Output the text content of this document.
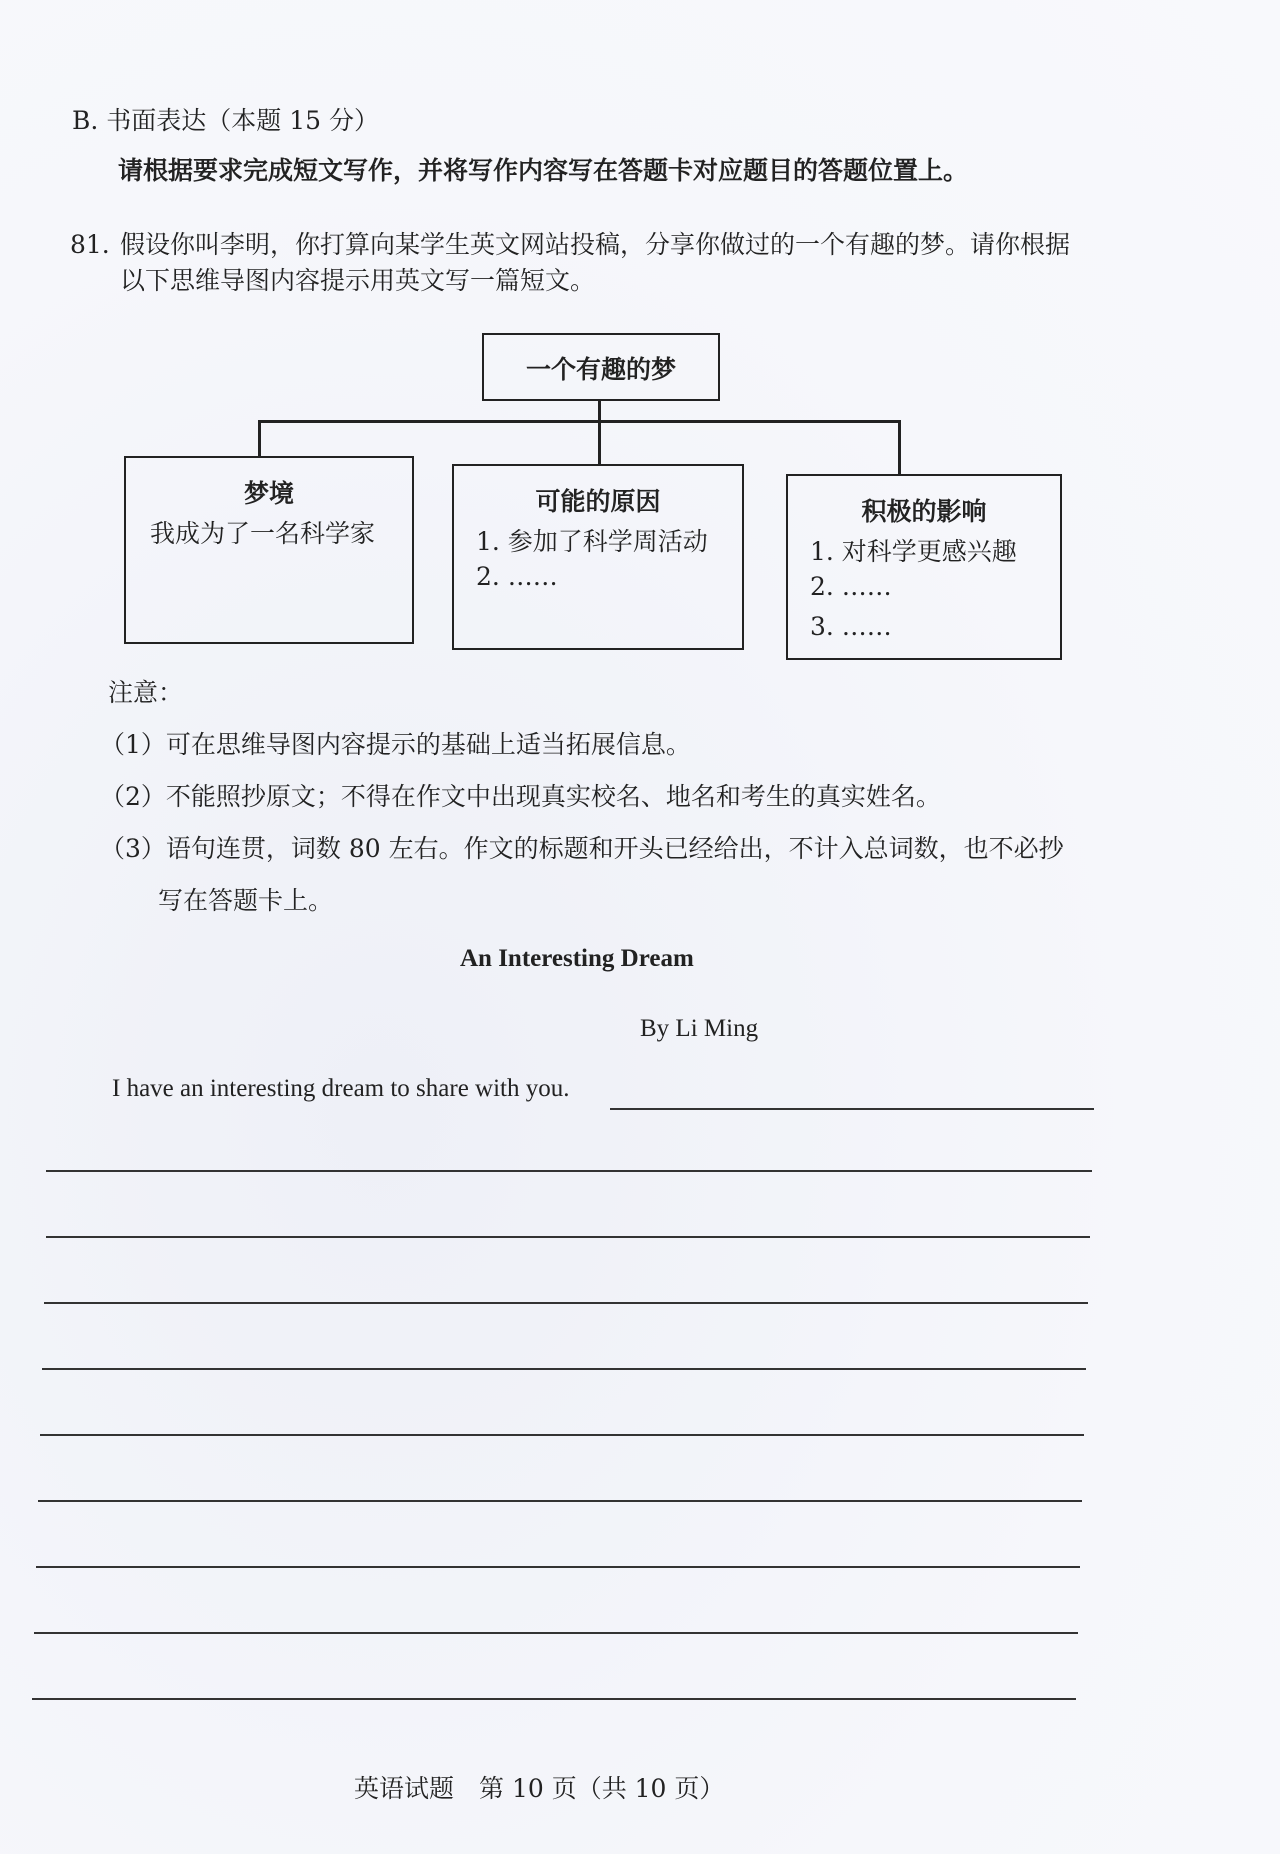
B. 书面表达（本题 15 分）
请根据要求完成短文写作，并将写作内容写在答题卡对应题目的答题位置上。
81. 假设你叫李明，你打算向某学生英文网站投稿，分享你做过的一个有趣的梦。请你根据
以下思维导图内容提示用英文写一篇短文。
一个有趣的梦
梦境
我成为了一名科学家
可能的原因
1. 参加了科学周活动
2. ……
积极的影响
1. 对科学更感兴趣
2. ……
3. ……
注意：
（1）可在思维导图内容提示的基础上适当拓展信息。
（2）不能照抄原文；不得在作文中出现真实校名、地名和考生的真实姓名。
（3）语句连贯，词数 80 左右。作文的标题和开头已经给出，不计入总词数，也不必抄
写在答题卡上。
An Interesting Dream
By Li Ming
I have an interesting dream to share with you.
英语试题　第 10 页（共 10 页）
